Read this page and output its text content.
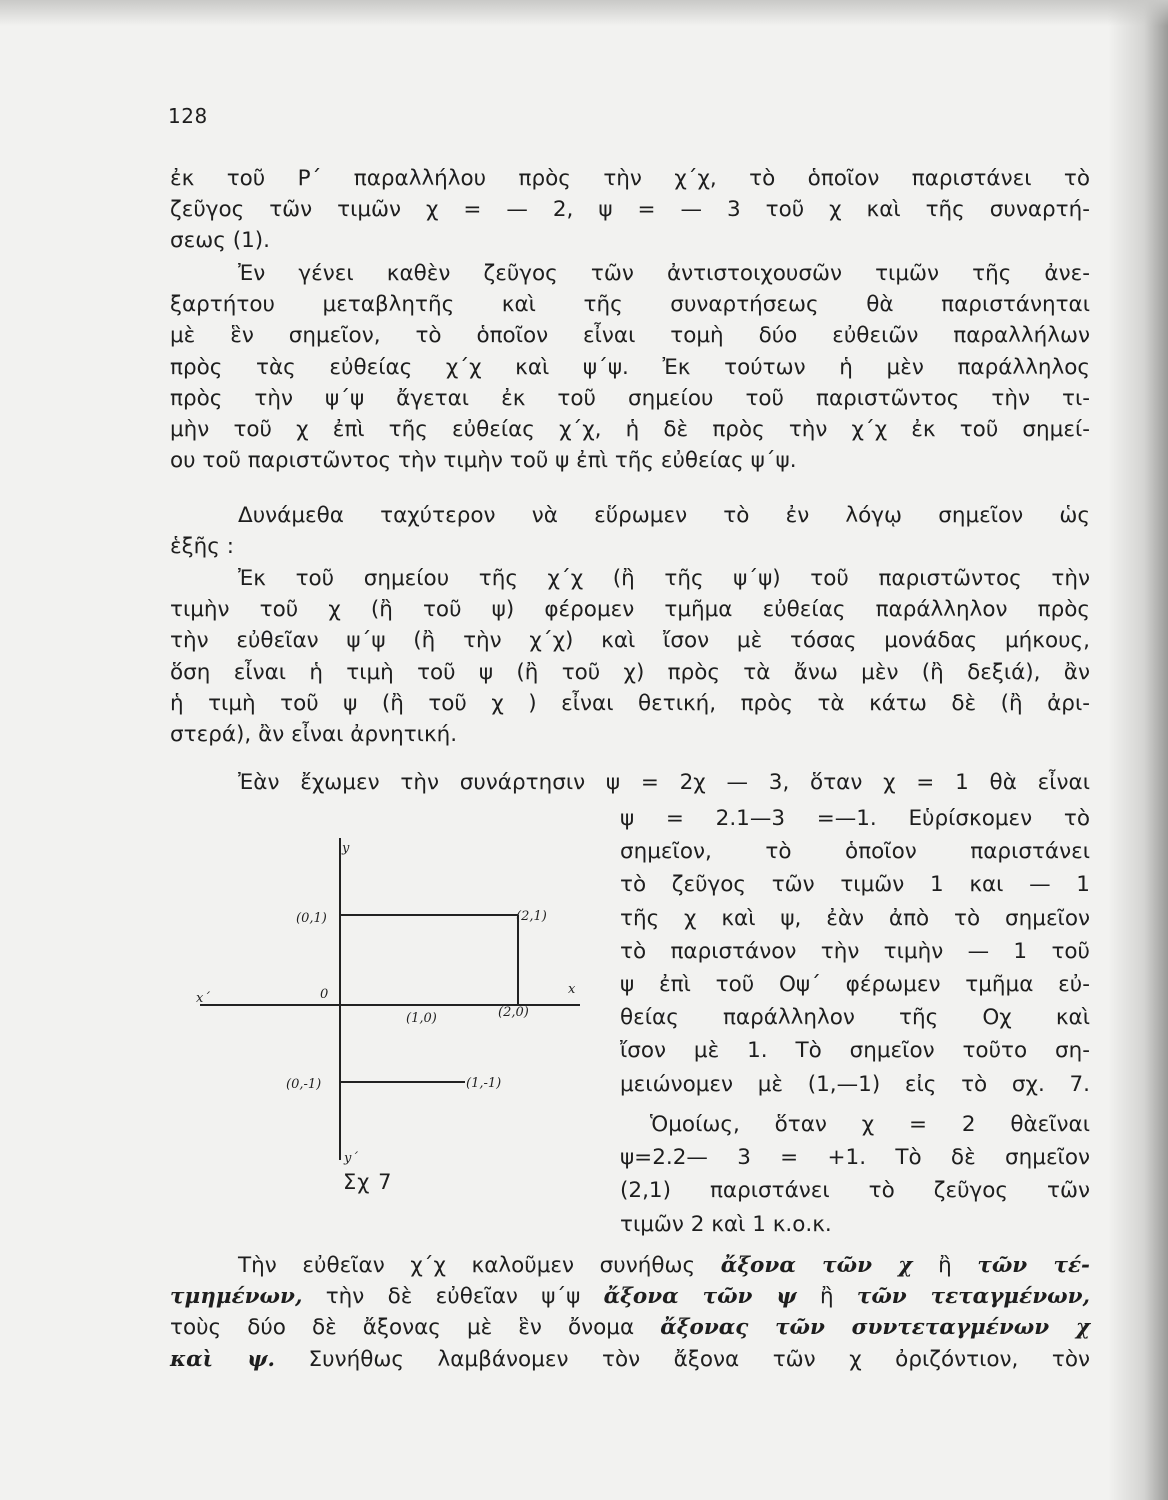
128

ἐκ τοῦ Ρ΄ παραλλήλου πρὸς τὴν χ΄χ, τὸ ὁποῖον παριστάνει τὸ
ζεῦγος τῶν τιμῶν χ = — 2, ψ = — 3 τοῦ χ καὶ τῆς συναρτή-
σεως (1).

Ἐν γένει καθὲν ζεῦγος τῶν ἀντιστοιχουσῶν τιμῶν τῆς ἀνε-
ξαρτήτου μεταβλητῆς καὶ τῆς συναρτήσεως θὰ παριστάνηται
μὲ ἓν σημεῖον, τὸ ὁποῖον εἶναι τομὴ δύο εὐθειῶν παραλλήλων
πρὸς τὰς εὐθείας χ΄χ καὶ ψ΄ψ. Ἐκ τούτων ἡ μὲν παράλληλος
πρὸς τὴν ψ΄ψ ἄγεται ἐκ τοῦ σημείου τοῦ παριστῶντος τὴν τι-
μὴν τοῦ χ ἐπὶ τῆς εὐθείας χ΄χ, ἡ δὲ πρὸς τὴν χ΄χ ἐκ τοῦ σημεί-
ου τοῦ παριστῶντος τὴν τιμὴν τοῦ ψ ἐπὶ τῆς εὐθείας ψ΄ψ.

Δυνάμεθα ταχύτερον νὰ εὕρωμεν τὸ ἐν λόγῳ σημεῖον ὡς
ἑξῆς :

Ἐκ τοῦ σημείου τῆς χ΄χ (ἢ τῆς ψ΄ψ) τοῦ παριστῶντος τὴν
τιμὴν τοῦ χ (ἢ τοῦ ψ) φέρομεν τμῆμα εὐθείας παράλληλον πρὸς
τὴν εὐθεῖαν ψ΄ψ (ἢ τὴν χ΄χ) καὶ ἴσον μὲ τόσας μονάδας μήκους,
ὅση εἶναι ἡ τιμὴ τοῦ ψ (ἢ τοῦ χ) πρὸς τὰ ἄνω μὲν (ἢ δεξιά), ἂν
ἡ τιμὴ τοῦ ψ (ἢ τοῦ χ ) εἶναι θετική, πρὸς τὰ κάτω δὲ (ἢ ἀρι-
στερά), ἂν εἶναι ἀρνητική.

Ἐὰν ἔχωμεν τὴν συνάρτησιν ψ = 2χ — 3, ὅταν χ = 1 θὰ εἶναι

ψ = 2.1—3 =—1. Εὑρίσκομεν τὸ
σημεῖον, τὸ ὁποῖον παριστάνει
τὸ ζεῦγος τῶν τιμῶν 1 και — 1
τῆς χ καὶ ψ, ἐὰν ἀπὸ τὸ σημεῖον
τὸ παριστάνον τὴν τιμὴν — 1 τοῦ
ψ ἐπὶ τοῦ Οψ΄ φέρωμεν τμῆμα εὐ-
θείας παράλληλον τῆς Οχ καὶ
ἴσον μὲ 1. Τὸ σημεῖον τοῦτο ση-
μειώνομεν μὲ (1,—1) εἰς τὸ σχ. 7.

Ὁμοίως, ὅταν χ = 2 θὰεῖναι
ψ=2.2— 3 = +1. Τὸ δὲ σημεῖον
(2,1) παριστάνει τὸ ζεῦγος τῶν
τιμῶν 2 καὶ 1 κ.ο.κ.

y
y΄
x΄
x
0
(0,1)	(2,1)
(1,0)	(2,0)
(0,-1)	(1,-1)
Σχ 7

Τὴν εὐθεῖαν χ΄χ καλοῦμεν συνήθως ἄξονα τῶν χ ἢ τῶν τέ-
τμημένων, τὴν δὲ εὐθεῖαν ψ΄ψ ἄξονα τῶν ψ ἢ τῶν τεταγμένων,
τοὺς δύο δὲ ἄξονας μὲ ἓν ὄνομα ἄξονας τῶν συντεταγμένων χ
καὶ ψ. Συνήθως λαμβάνομεν τὸν ἄξονα τῶν χ ὀριζόντιον, τὸν
